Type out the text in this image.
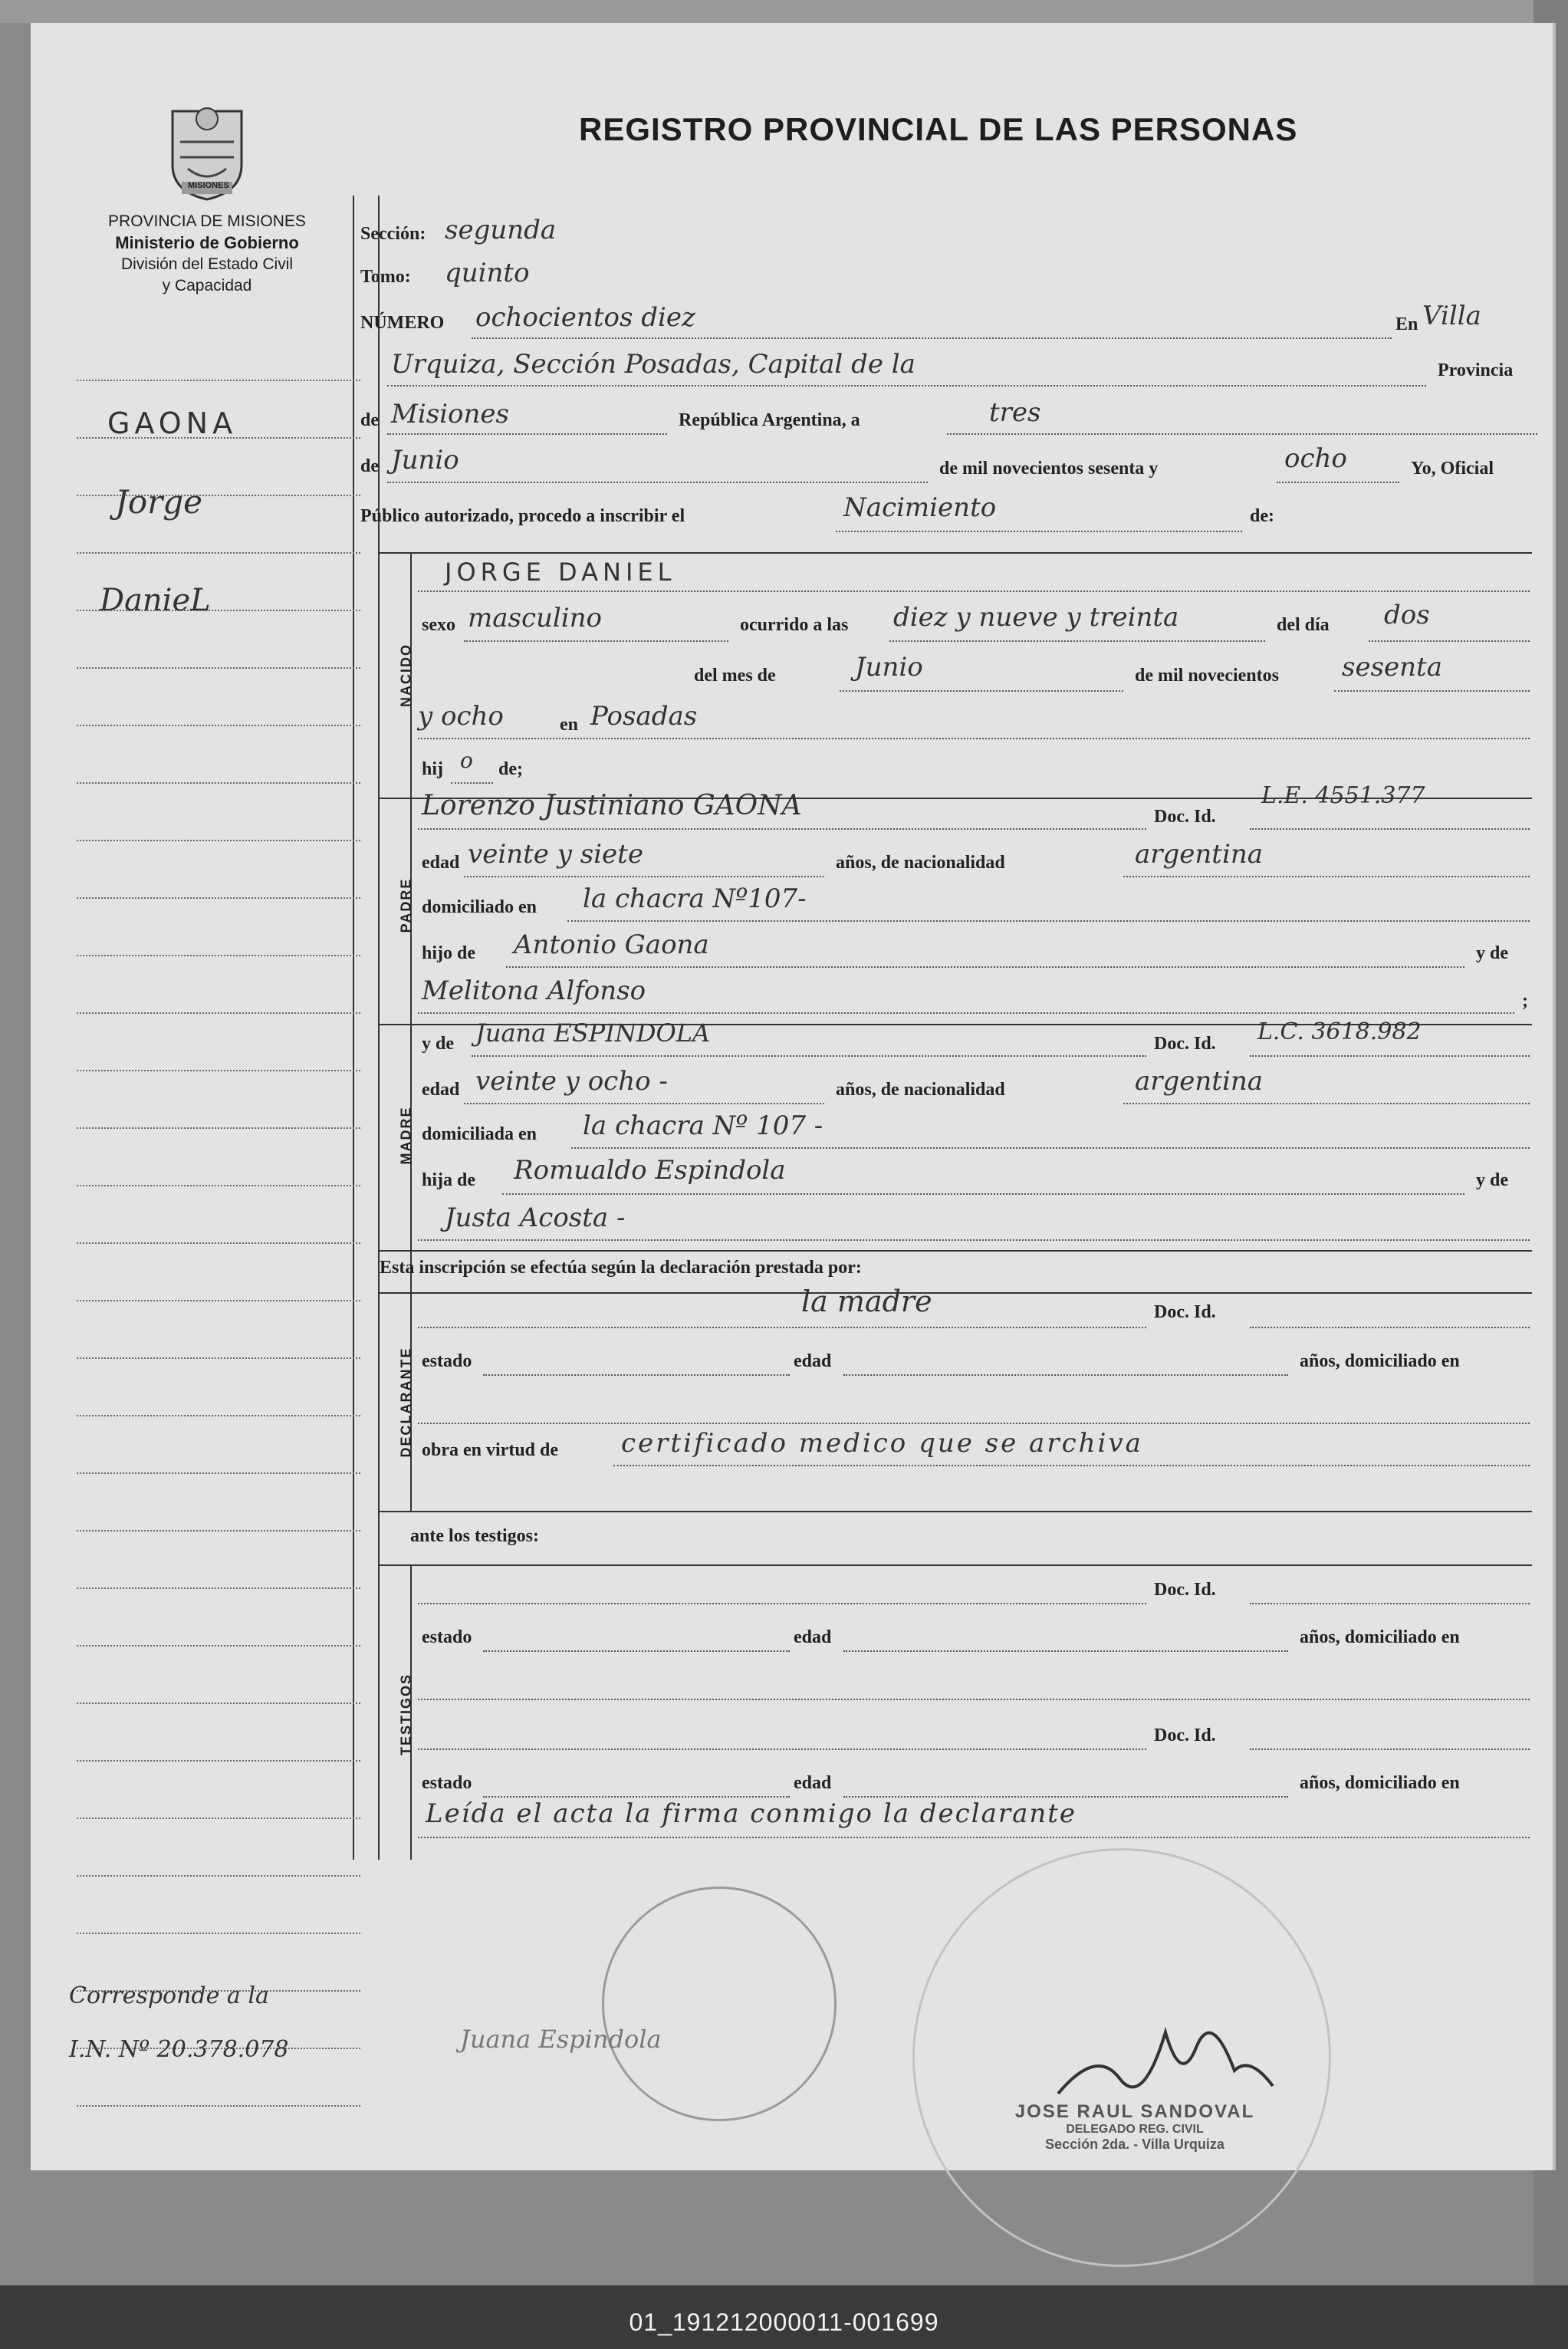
MISIONES
PROVINCIA DE MISIONES
Ministerio de Gobierno
División del Estado Civil
y Capacidad
REGISTRO PROVINCIAL DE LAS PERSONAS
GAONA
Jorge
DanieL
Corresponde a la
I.N. Nº 20.378.078
Sección: segunda
Tomo: quinto
NÚMERO ochocientos diez	En Villa
Urquiza, Sección Posadas, Capital de la	Provincia
de Misiones	República Argentina, a	tres
de Junio	de mil novecientos sesenta y	ocho	Yo, Oficial
Público autorizado, procedo a inscribir el	Nacimiento	de:
NACIDO
JORGE DANIEL
sexo masculino	ocurrido a las diez y nueve y treinta	del día dos
del mes de	Junio	de mil novecientos sesenta
y ocho	en Posadas
hij o de;
PADRE
Lorenzo Justiniano GAONA	Doc. Id.
L.E. 4551.377
edad veinte y siete	años, de nacionalidad	argentina
domiciliado en la chacra Nº107-
hijo de Antonio Gaona	y de
Melitona Alfonso	;
MADRE
y de Juana ESPINDOLA	Doc. Id. L.C. 3618.982
edad veinte y ocho -	años, de nacionalidad	argentina
domiciliada en la chacra Nº 107 -
hija de Romualdo Espindola	y de
Justa Acosta -
Esta inscripción se efectúa según la declaración prestada por:
DECLARANTE
la madre	Doc. Id.
estado	edad	años, domiciliado en
obra en virtud de certificado medico que se archiva
ante los testigos:
TESTIGOS
Doc. Id.
estado	edad	años, domiciliado en
Doc. Id.
estado	edad	años, domiciliado en
Leída el acta la firma conmigo la declarante
Juana Espindola
JOSE RAUL SANDOVAL
DELEGADO REG. CIVIL
Sección 2da. - Villa Urquiza
01_191212000011-001699
